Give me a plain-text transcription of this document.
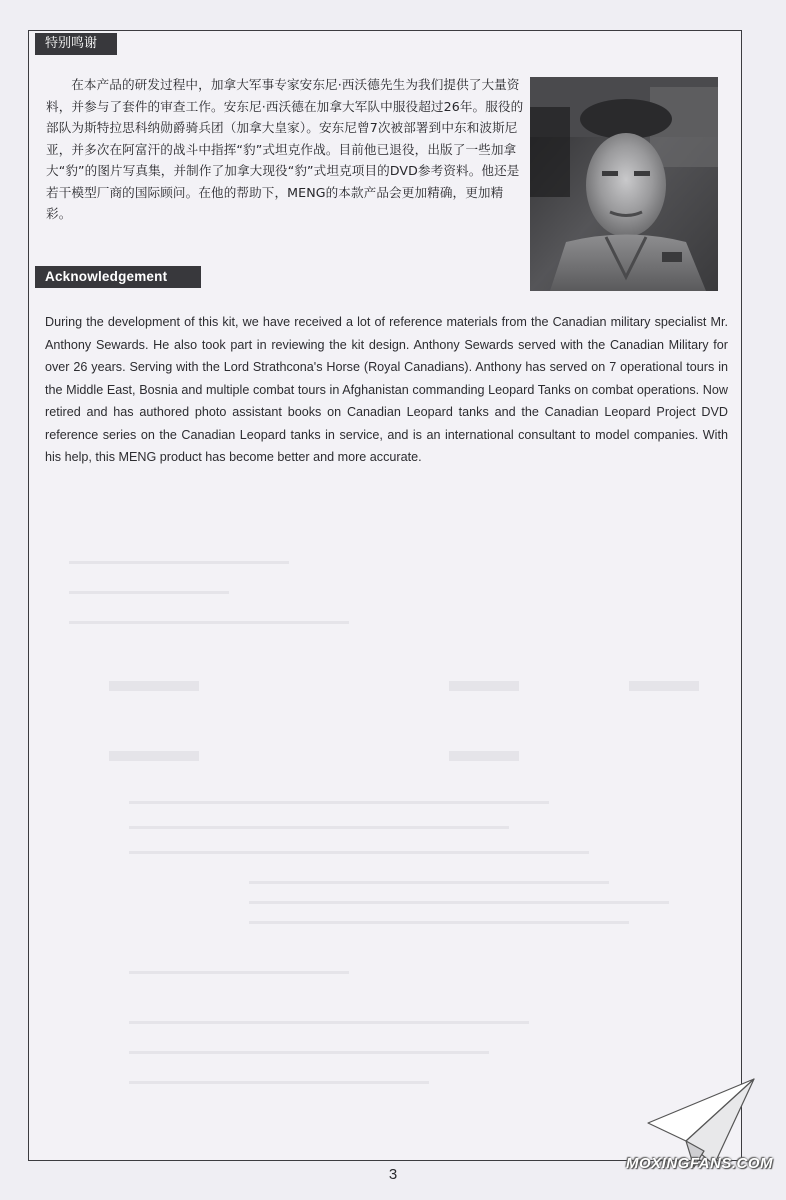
特别鸣谢

在本产品的研发过程中，加拿大军事专家安东尼·西沃德先生为我们提供了大量资料，并参与了套件的审查工作。安东尼·西沃德在加拿大军队中服役超过26年。服役的部队为斯特拉思科纳勋爵骑兵团（加拿大皇家）。安东尼曾7次被部署到中东和波斯尼亚，并多次在阿富汗的战斗中指挥“豹”式坦克作战。目前他已退役，出版了一些加拿大“豹”的图片写真集，并制作了加拿大现役“豹”式坦克项目的DVD参考资料。他还是若干模型厂商的国际顾问。在他的帮助下，MENG的本款产品会更加精确，更加精彩。

Acknowledgement

During the development of this kit, we have received a lot of reference materials from the Canadian military specialist Mr. Anthony Sewards. He also took part in reviewing the kit design. Anthony Sewards served with the Canadian Military for over 26 years. Serving with the Lord Strathcona's Horse (Royal Canadians). Anthony has served on 7 operational tours in the Middle East, Bosnia and multiple combat tours in Afghanistan commanding Leopard Tanks on combat operations. Now retired and has authored photo assistant books on Canadian Leopard tanks and the Canadian Leopard Project DVD reference series on the Canadian Leopard tanks in service, and is an international consultant to model companies. With his help, this MENG product has become better and more accurate.

3
MOXINGFANS.COM
